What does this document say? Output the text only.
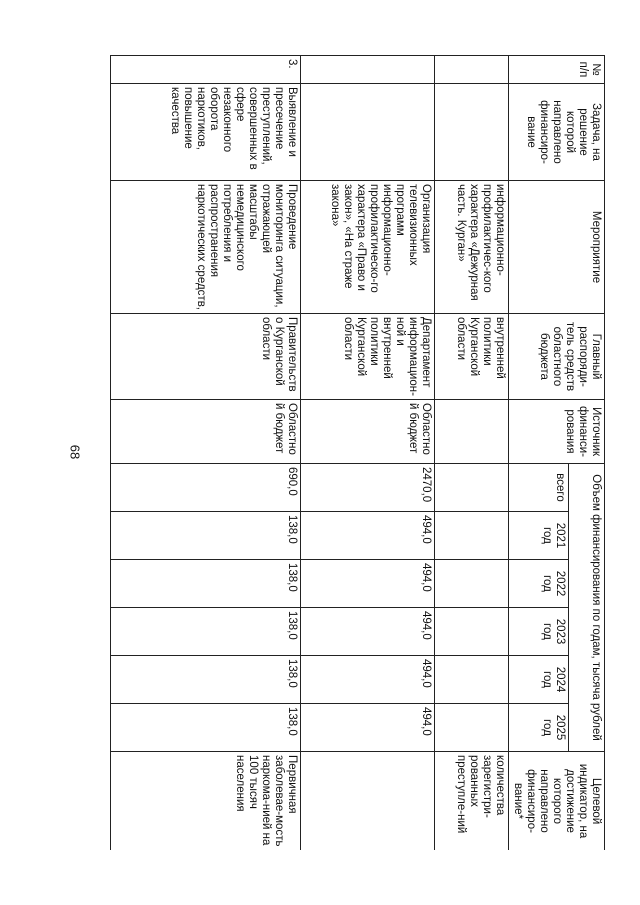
68
№ п/п	Задача, на решение которой направлено финансиро-вание	Мероприятие	Главный распоряди-тель средств областного бюджета	Источник финанси-рования	Объем финансирования по годам, тысяча рублей						Целевой индикатор, на достижение которого направлено финансиро-вание*
					всего	2021 год	2022 год	2023 год	2024 год	2025 год	
		информационно-профилактичес-кого характера «Дежурная часть. Курган»	внутренней политики Курганской области								количества зарегистри-рованных преступле-ний
		Организация телевизионных программ информационно-профилактическо-го характера «Право и закон», «На страже закона»	Департамент информацион-ной и внутренней политики Курганской области	Областной бюджет	2470,0	494,0	494,0	494,0	494,0	494,0	
3.	Выявление и пресечение преступлений, совершенных в сфере незаконного оборота наркотиков, повышение качества	Проведение мониторинга ситуации, отражающей масштабы немедицинского потребления и распространения наркотических средств,	Правительство Курганской области	Областной бюджет	690,0	138,0	138,0	138,0	138,0	138,0	Первичная заболевае-мость наркома-нией на 100 тысяч населения
